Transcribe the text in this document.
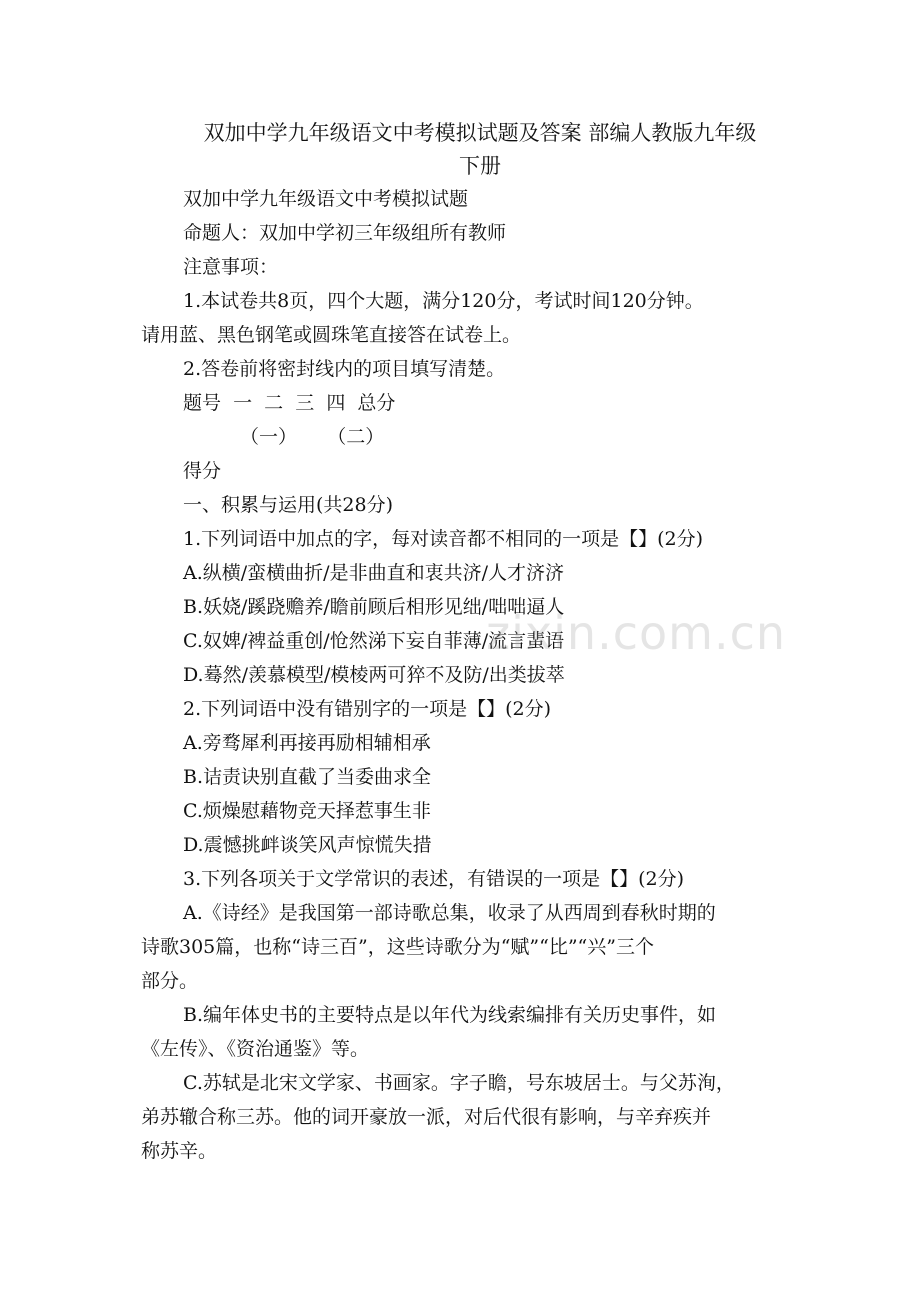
双加中学九年级语文中考模拟试题及答案 部编人教版九年级
下册
双加中学九年级语文中考模拟试题
命题人：双加中学初三年级组所有教师
注意事项：
1.本试卷共8页，四个大题，满分120分，考试时间120分钟。
请用蓝、黑色钢笔或圆珠笔直接答在试卷上。
2.答卷前将密封线内的项目填写清楚。
题号  一  二  三  四  总分
（一）     （二）
得分
一、积累与运用(共28分)
1.下列词语中加点的字，每对读音都不相同的一项是【】(2分)
A.纵横/蛮横曲折/是非曲直和衷共济/人才济济
B.妖娆/蹊跷赡养/瞻前顾后相形见绌/咄咄逼人
C.奴婢/裨益重创/怆然涕下妄自菲薄/流言蜚语
D.蓦然/羡慕模型/模棱两可猝不及防/出类拔萃
2.下列词语中没有错别字的一项是【】(2分)
A.旁骛犀利再接再励相辅相承
B.诘责诀别直截了当委曲求全
C.烦燥慰藉物竞天择惹事生非
D.震憾挑衅谈笑风声惊慌失措
3.下列各项关于文学常识的表述，有错误的一项是【】(2分)
A.《诗经》是我国第一部诗歌总集，收录了从西周到春秋时期的
诗歌305篇，也称“诗三百”，这些诗歌分为“赋”“比”“兴”三个
部分。
B.编年体史书的主要特点是以年代为线索编排有关历史事件，如
《左传》、《资治通鉴》等。
C.苏轼是北宋文学家、书画家。字子瞻，号东坡居士。与父苏洵，
弟苏辙合称三苏。他的词开豪放一派，对后代很有影响，与辛弃疾并
称苏辛。
zixin.com.cn
